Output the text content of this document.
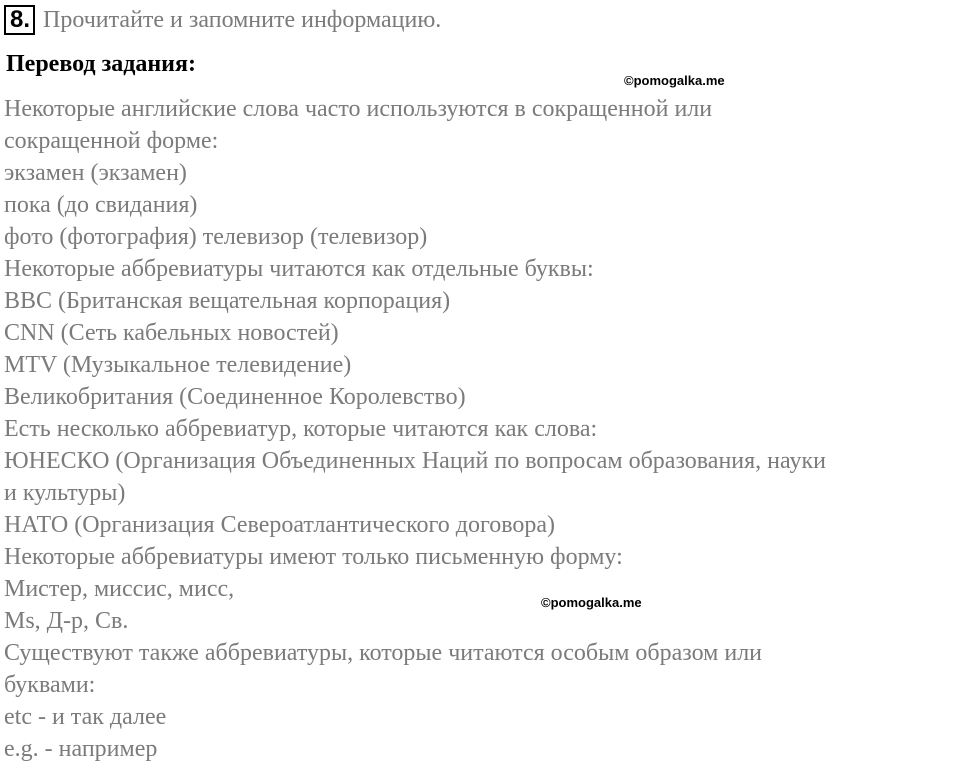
8. Прочитайте и запомните информацию.
Перевод задания:
©pomogalka.me
©pomogalka.me
Некоторые английские слова часто используются в сокращенной или
сокращенной форме:
экзамен (экзамен)
пока (до свидания)
фото (фотография) телевизор (телевизор)
Некоторые аббревиатуры читаются как отдельные буквы:
BBC (Британская вещательная корпорация)
CNN (Сеть кабельных новостей)
MTV (Музыкальное телевидение)
Великобритания (Соединенное Королевство)
Есть несколько аббревиатур, которые читаются как слова:
ЮНЕСКО (Организация Объединенных Наций по вопросам образования, науки
и культуры)
НАТО (Организация Североатлантического договора)
Некоторые аббревиатуры имеют только письменную форму:
Мистер, миссис, мисс,
Ms, Д-р, Св.
Существуют также аббревиатуры, которые читаются особым образом или
буквами:
etc - и так далее
e.g. - например
